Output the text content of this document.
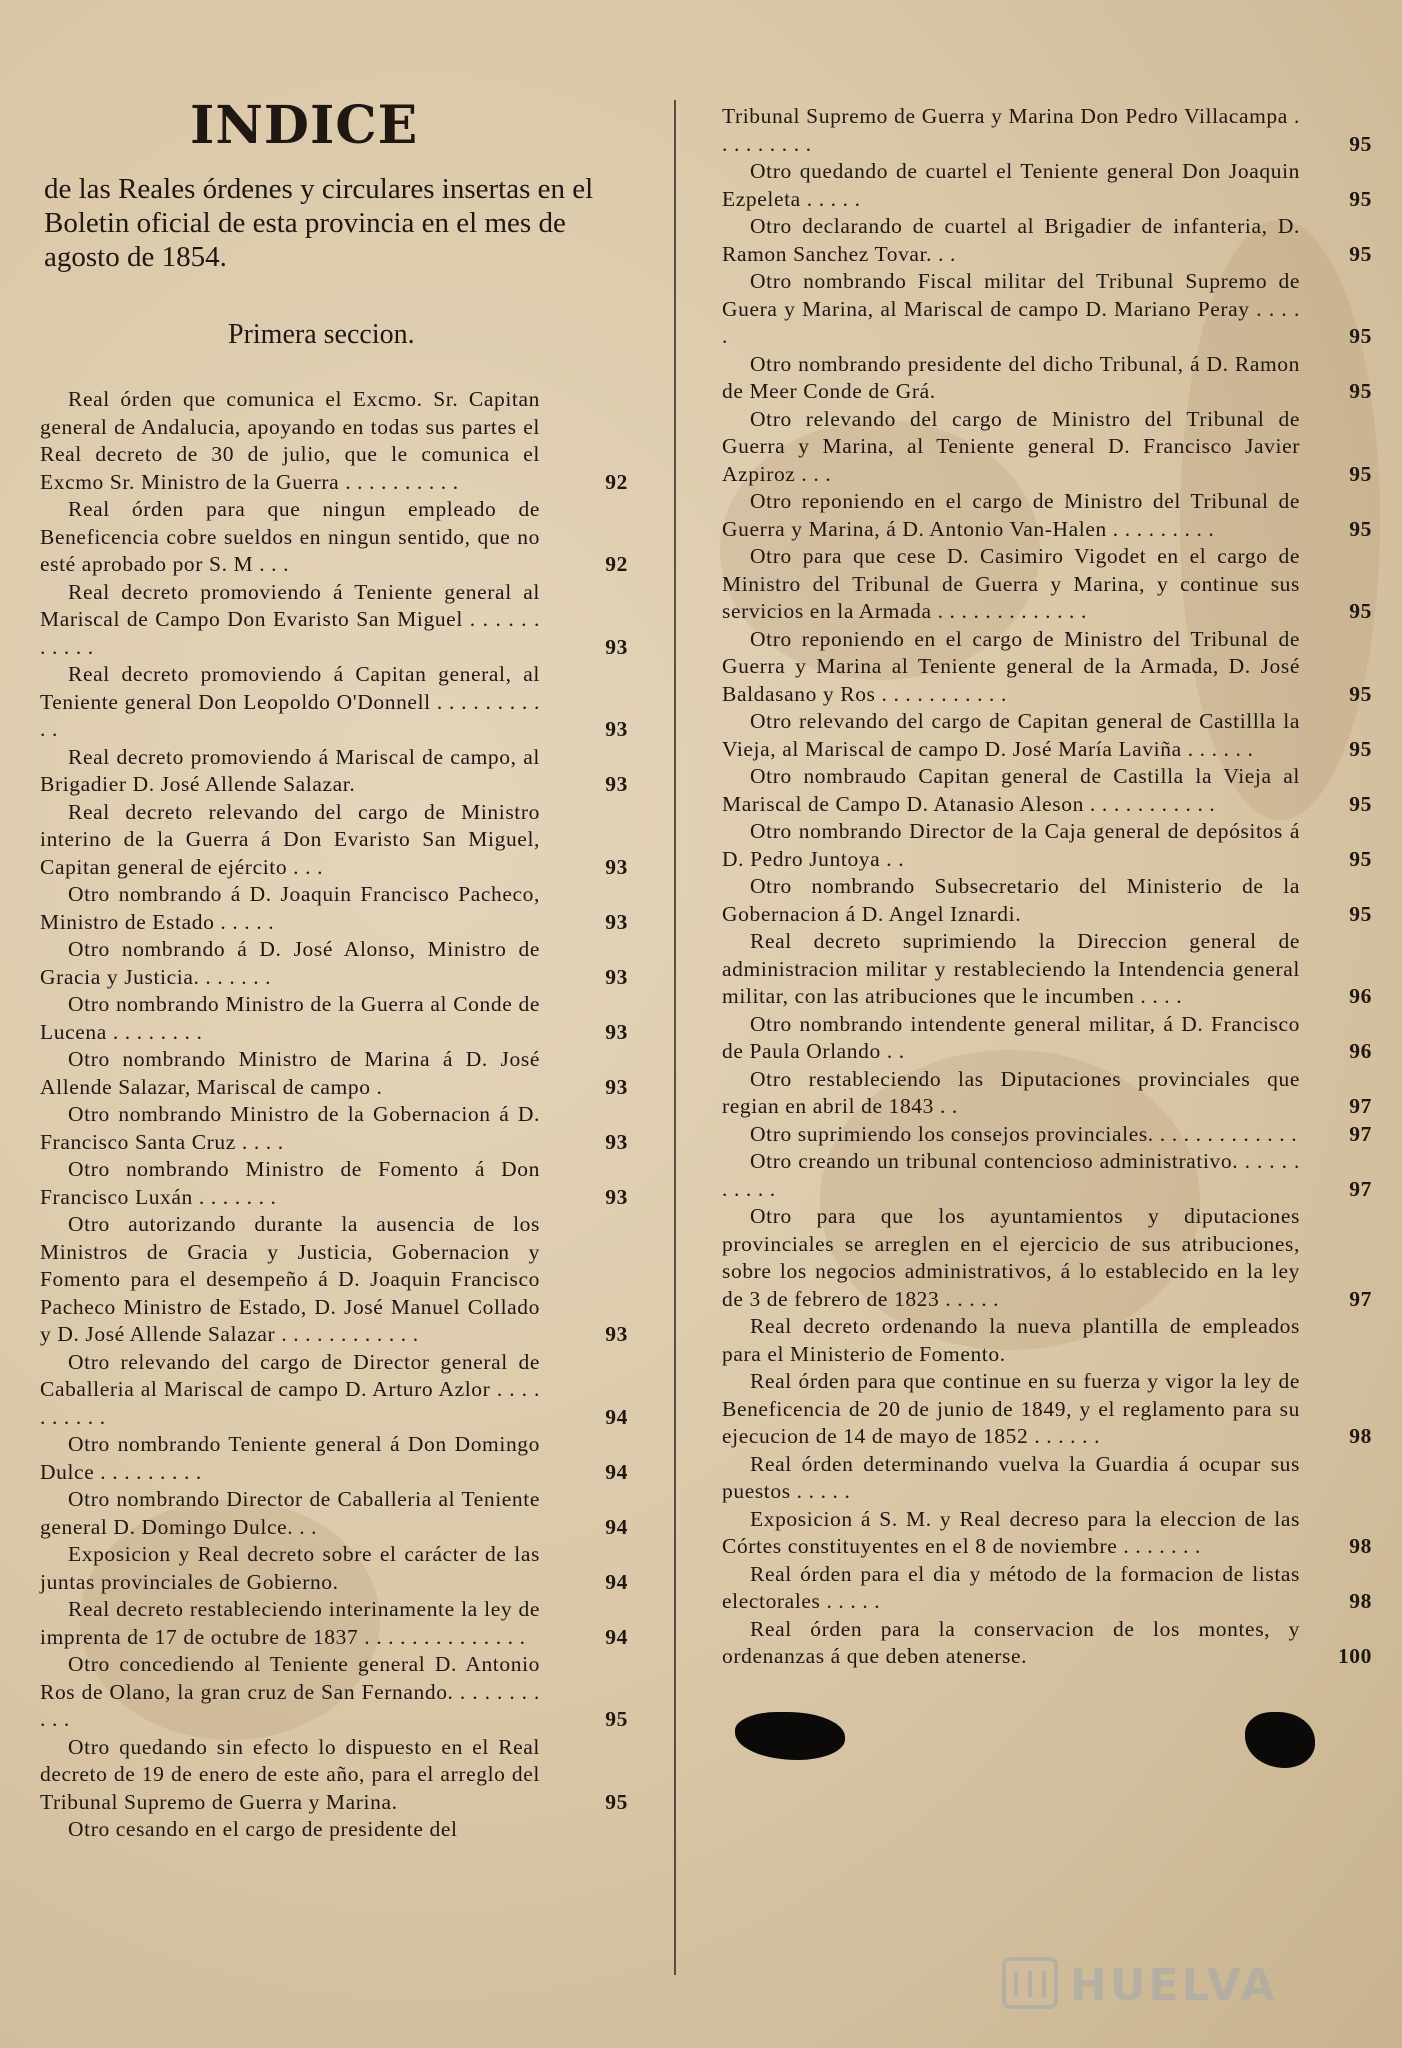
INDICE

de las Reales órdenes y circulares insertas en el Boletin oficial de esta provincia en el mes de agosto de 1854.

Primera seccion.

Real órden que comunica el Excmo. Sr. Capitan general de Andalucia, apoyando en todas sus partes el Real decreto de 30 de julio, que le comunica el Excmo Sr. Ministro de la Guerra . . . . . . . . . .	92
Real órden para que ningun empleado de Beneficencia cobre sueldos en ningun sentido, que no esté aprobado por S. M . . .	92
Real decreto promoviendo á Teniente general al Mariscal de Campo Don Evaristo San Miguel . . . . . . . . . . .	93
Real decreto promoviendo á Capitan general, al Teniente general Don Leopoldo O'Donnell . . . . . . . . . . .	93
Real decreto promoviendo á Mariscal de campo, al Brigadier D. José Allende Salazar.	93
Real decreto relevando del cargo de Ministro interino de la Guerra á Don Evaristo San Miguel, Capitan general de ejército . . .	93
Otro nombrando á D. Joaquin Francisco Pacheco, Ministro de Estado . . . . .	93
Otro nombrando á D. José Alonso, Ministro de Gracia y Justicia. . . . . . .	93
Otro nombrando Ministro de la Guerra al Conde de Lucena . . . . . . . .	93
Otro nombrando Ministro de Marina á D. José Allende Salazar, Mariscal de campo .	93
Otro nombrando Ministro de la Gobernacion á D. Francisco Santa Cruz . . . .	93
Otro nombrando Ministro de Fomento á Don Francisco Luxán . . . . . . .	93
Otro autorizando durante la ausencia de los Ministros de Gracia y Justicia, Gobernacion y Fomento para el desempeño á D. Joaquin Francisco Pacheco Ministro de Estado, D. José Manuel Collado y D. José Allende Salazar . . . . . . . . . . . .	93
Otro relevando del cargo de Director general de Caballeria al Mariscal de campo D. Arturo Azlor . . . . . . . . . .	94
Otro nombrando Teniente general á Don Domingo Dulce . . . . . . . . .	94
Otro nombrando Director de Caballeria al Teniente general D. Domingo Dulce. . .	94
Exposicion y Real decreto sobre el carácter de las juntas provinciales de Gobierno.	94
Real decreto restableciendo interinamente la ley de imprenta de 17 de octubre de 1837 . . . . . . . . . . . . . .	94
Otro concediendo al Teniente general D. Antonio Ros de Olano, la gran cruz de San Fernando. . . . . . . . . . .	95
Otro quedando sin efecto lo dispuesto en el Real decreto de 19 de enero de este año, para el arreglo del Tribunal Supremo de Guerra y Marina.	95
Otro cesando en el cargo de presidente del
Tribunal Supremo de Guerra y Marina Don Pedro Villacampa . . . . . . . . .	95
Otro quedando de cuartel el Teniente general Don Joaquin Ezpeleta . . . . .	95
Otro declarando de cuartel al Brigadier de infanteria, D. Ramon Sanchez Tovar. . .	95
Otro nombrando Fiscal militar del Tribunal Supremo de Guera y Marina, al Mariscal de campo D. Mariano Peray . . . . .	95
Otro nombrando presidente del dicho Tribunal, á D. Ramon de Meer Conde de Grá.	95
Otro relevando del cargo de Ministro del Tribunal de Guerra y Marina, al Teniente general D. Francisco Javier Azpiroz . . .	95
Otro reponiendo en el cargo de Ministro del Tribunal de Guerra y Marina, á D. Antonio Van-Halen . . . . . . . . .	95
Otro para que cese D. Casimiro Vigodet en el cargo de Ministro del Tribunal de Guerra y Marina, y continue sus servicios en la Armada . . . . . . . . . . . . .	95
Otro reponiendo en el cargo de Ministro del Tribunal de Guerra y Marina al Teniente general de la Armada, D. José Baldasano y Ros . . . . . . . . . . .	95
Otro relevando del cargo de Capitan general de Castillla la Vieja, al Mariscal de campo D. José María Laviña . . . . . .	95
Otro nombraudo Capitan general de Castilla la Vieja al Mariscal de Campo D. Atanasio Aleson . . . . . . . . . . .	95
Otro nombrando Director de la Caja general de depósitos á D. Pedro Juntoya . .	95
Otro nombrando Subsecretario del Ministerio de la Gobernacion á D. Angel Iznardi.	95
Real decreto suprimiendo la Direccion general de administracion militar y restableciendo la Intendencia general militar, con las atribuciones que le incumben . . . .	96
Otro nombrando intendente general militar, á D. Francisco de Paula Orlando . .	96
Otro restableciendo las Diputaciones provinciales que regian en abril de 1843 . .	97
Otro suprimiendo los consejos provinciales. . . . . . . . . . . . .	97
Otro creando un tribunal contencioso administrativo. . . . . . . . . . .	97
Otro para que los ayuntamientos y diputaciones provinciales se arreglen en el ejercicio de sus atribuciones, sobre los negocios administrativos, á lo establecido en la ley de 3 de febrero de 1823 . . . . .	97
Real decreto ordenando la nueva plantilla de empleados para el Ministerio de Fomento.
Real órden para que continue en su fuerza y vigor la ley de Beneficencia de 20 de junio de 1849, y el reglamento para su ejecucion de 14 de mayo de 1852 . . . . . .	98
Real órden determinando vuelva la Guardia á ocupar sus puestos . . . . .
Exposicion á S. M. y Real decreso para la eleccion de las Córtes constituyentes en el 8 de noviembre . . . . . . .	98
Real órden para el dia y método de la formacion de listas electorales . . . . .	98
Real órden para la conservacion de los montes, y ordenanzas á que deben atenerse.	100
HUELVA
